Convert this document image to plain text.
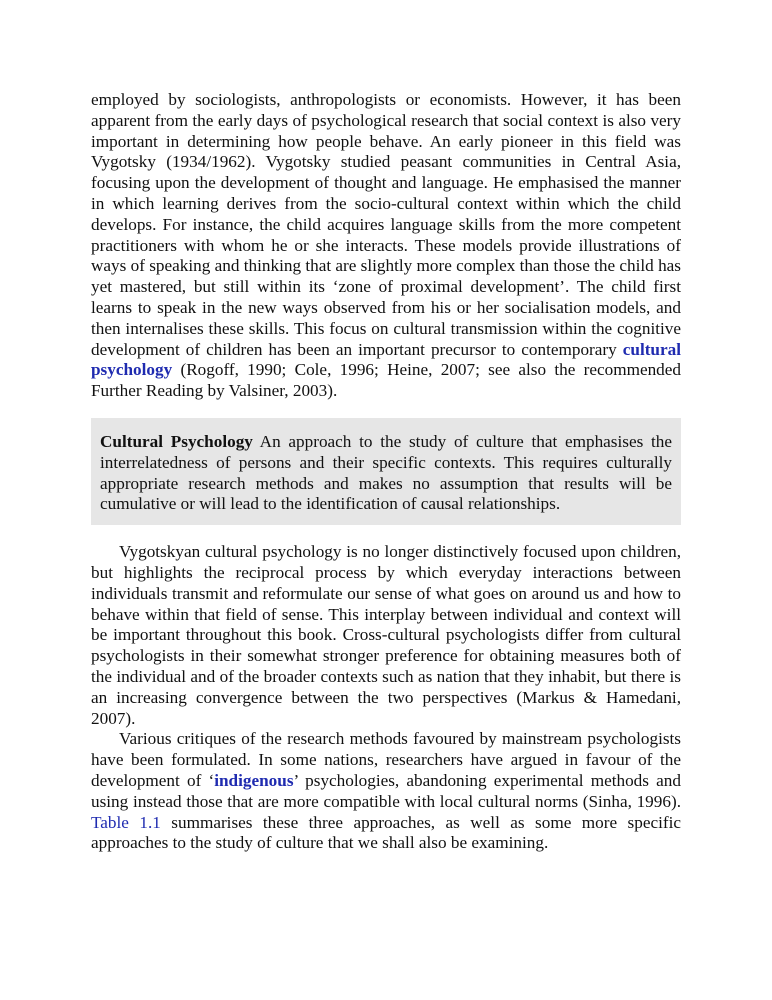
employed by sociologists, anthropologists or economists. However, it has been apparent from the early days of psychological research that social context is also very important in determining how people behave. An early pioneer in this field was Vygotsky (1934/1962). Vygotsky studied peasant communities in Central Asia, focusing upon the development of thought and language. He emphasised the manner in which learning derives from the socio-cultural context within which the child develops. For instance, the child acquires language skills from the more competent practitioners with whom he or she interacts. These models provide illustrations of ways of speaking and thinking that are slightly more complex than those the child has yet mastered, but still within its ‘zone of proximal development’. The child first learns to speak in the new ways observed from his or her socialisation models, and then internalises these skills. This focus on cultural transmission within the cognitive development of children has been an important precursor to contemporary cultural psychology (Rogoff, 1990; Cole, 1996; Heine, 2007; see also the recommended Further Reading by Valsiner, 2003).

Cultural Psychology An approach to the study of culture that emphasises the interrelatedness of persons and their specific contexts. This requires culturally appropriate research methods and makes no assumption that results will be cumulative or will lead to the identification of causal relationships.

Vygotskyan cultural psychology is no longer distinctively focused upon children, but highlights the reciprocal process by which everyday interactions between individuals transmit and reformulate our sense of what goes on around us and how to behave within that field of sense. This interplay between individual and context will be important throughout this book. Cross-cultural psychologists differ from cultural psychologists in their somewhat stronger preference for obtaining measures both of the individual and of the broader contexts such as nation that they inhabit, but there is an increasing convergence between the two perspectives (Markus & Hamedani, 2007).

Various critiques of the research methods favoured by mainstream psychologists have been formulated. In some nations, researchers have argued in favour of the development of ‘indigenous’ psychologies, abandoning experimental methods and using instead those that are more compatible with local cultural norms (Sinha, 1996). Table 1.1 summarises these three approaches, as well as some more specific approaches to the study of culture that we shall also be examining.
